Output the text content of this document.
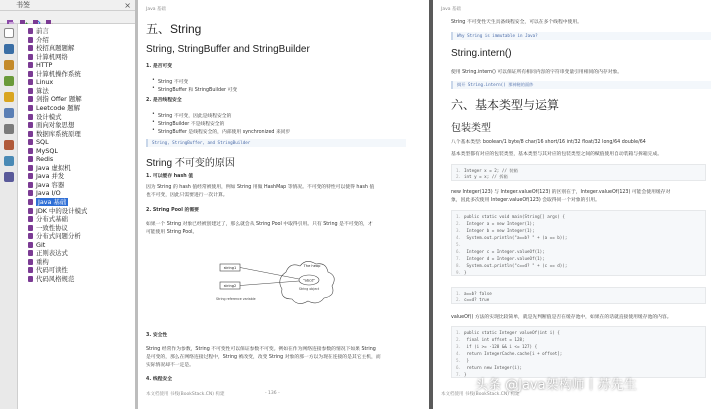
书签	×
前言
介绍
校招真题题解
计算机网络
HTTP
计算机操作系统
Linux
算法
剑指 Offer 题解
Leetcode 题解
设计模式
面向对象思想
数据库系统原理
SQL
MySQL
Redis
Java 虚拟机
Java 并发
Java 容器
Java I/O
Java 基础
JDK 中的设计模式
分布式基础
一致性协议
分布式问题分析
Git
正则表达式
重构
代码可读性
代码风格规范
Java 基础
五、String
String, StringBuffer and StringBuilder
1. 是否可变
• String 不可变
• StringBuffer 和 StringBuilder 可变
2. 是否线程安全
• String 不可变，因此是线程安全的
• StringBuilder 不是线程安全的
• StringBuffer 是线程安全的，内部使用 synchronized 来同步
String, StringBuffer, and StringBuilder
String 不可变的原因
1. 可以缓存 hash 值
因为 String 的 hash 值经常被使用，例如 String 用做 HashMap 等情况。不可变的特性可以使得 hash 值
也不可变，因此只需要进行一次计算。
2. String Pool 的需要
如果一个 String 对象已经被创建过了，那么就会从 String Pool 中取得引用。只有 String 是不可变的，才
可能使用 String Pool。
string1
string2
String reference variable
The heap
"abcd"
String object
3. 安全性
String 经常作为参数，String 不可变性可以保证参数不可变。例如在作为网络连接参数的情况下如果 String
是可变的，那么在网络连接过程中，String 被改变，改变 String 对象的那一方以为现在连接的是其它主机，而
实际情况却不一定是。
4. 线程安全
本文档使用 书栈(BookStack.CN) 构建	- 136 -
Java 基础
String 不可变性天生具备线程安全，可以在多个线程中使用。
Why String is immutable in Java?
String.intern()
使用 String.intern() 可以保证所有相同内容的字符串变量引用相同的内存对象。
揭开 String.intern() 那神秘的面纱
六、基本类型与运算
包装类型
八个基本类型: boolean/1 byte/8 char/16 short/16 int/32 float/32 long/64 double/64
基本类型都有对应的包装类型，基本类型与其对应的包装类型之间的赋值使用自动装箱与拆箱完成。
1. Integer x = 2; // 装箱
2. int y = x; // 拆箱
new Integer(123) 与 Integer.valueOf(123) 的区别在于，Integer.valueOf(123) 可能会使用缓存对
象，因此多次使用 Integer.valueOf(123) 会取得同一个对象的引用。
1. public static void main(String[] args) {
2. Integer a = new Integer(1);
3. Integer b = new Integer(1);
4. System.out.println("a==b? " + (a == b));
5.
6. Integer c = Integer.valueOf(1);
7. Integer d = Integer.valueOf(1);
8. System.out.println("c==d? " + (c == d));
9. }
1. a==b? false
2. c==d? true
valueOf() 方法的实现比较简单，就是先判断值是否在缓存池中，如果在的话就直接使用缓存池的内容。
1. public static Integer valueOf(int i) {
2. final int offset = 128;
3. if (i >= -128 && i <= 127) {
4. return IntegerCache.cache[i + offset];
5. }
6. return new Integer(i);
7. }
本文档使用 书栈(BookStack.CN) 构建
头条 @Java架构师丨苏先生
